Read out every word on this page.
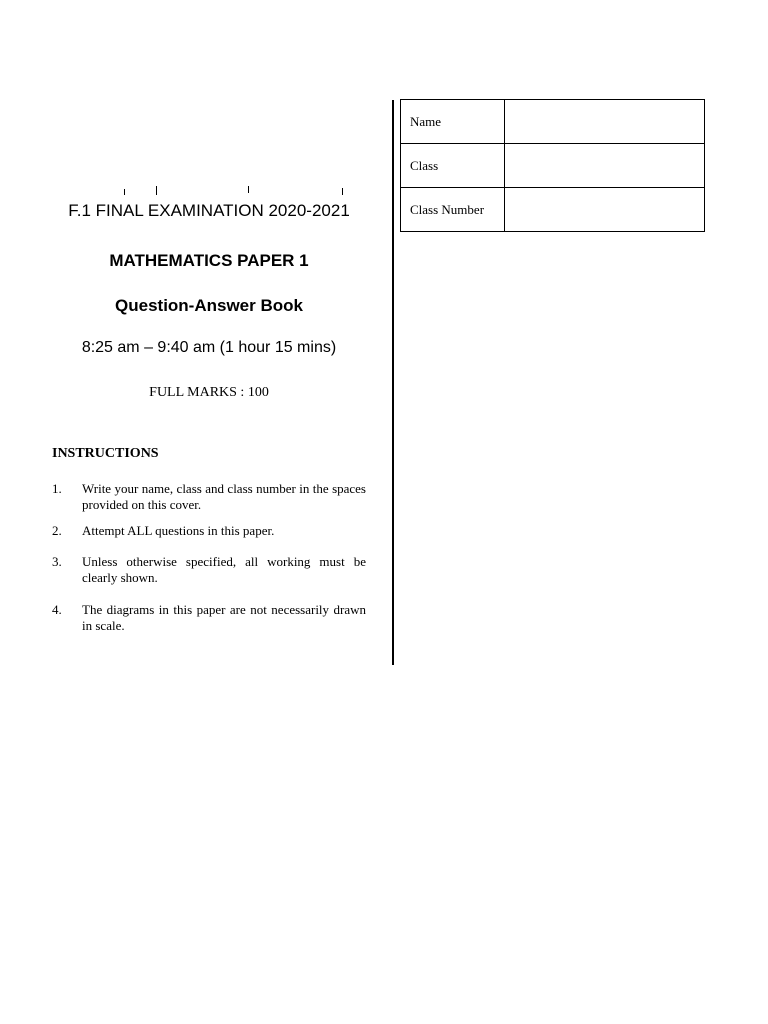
F.1 FINAL EXAMINATION 2020-2021
MATHEMATICS PAPER 1
Question-Answer Book
8:25 am – 9:40 am (1 hour 15 mins)
FULL MARKS : 100
INSTRUCTIONS
1. Write your name, class and class number in the spaces provided on this cover.
2. Attempt ALL questions in this paper.
3. Unless otherwise specified, all working must be clearly shown.
4. The diagrams in this paper are not necessarily drawn in scale.
Name	
Class	
Class Number	
